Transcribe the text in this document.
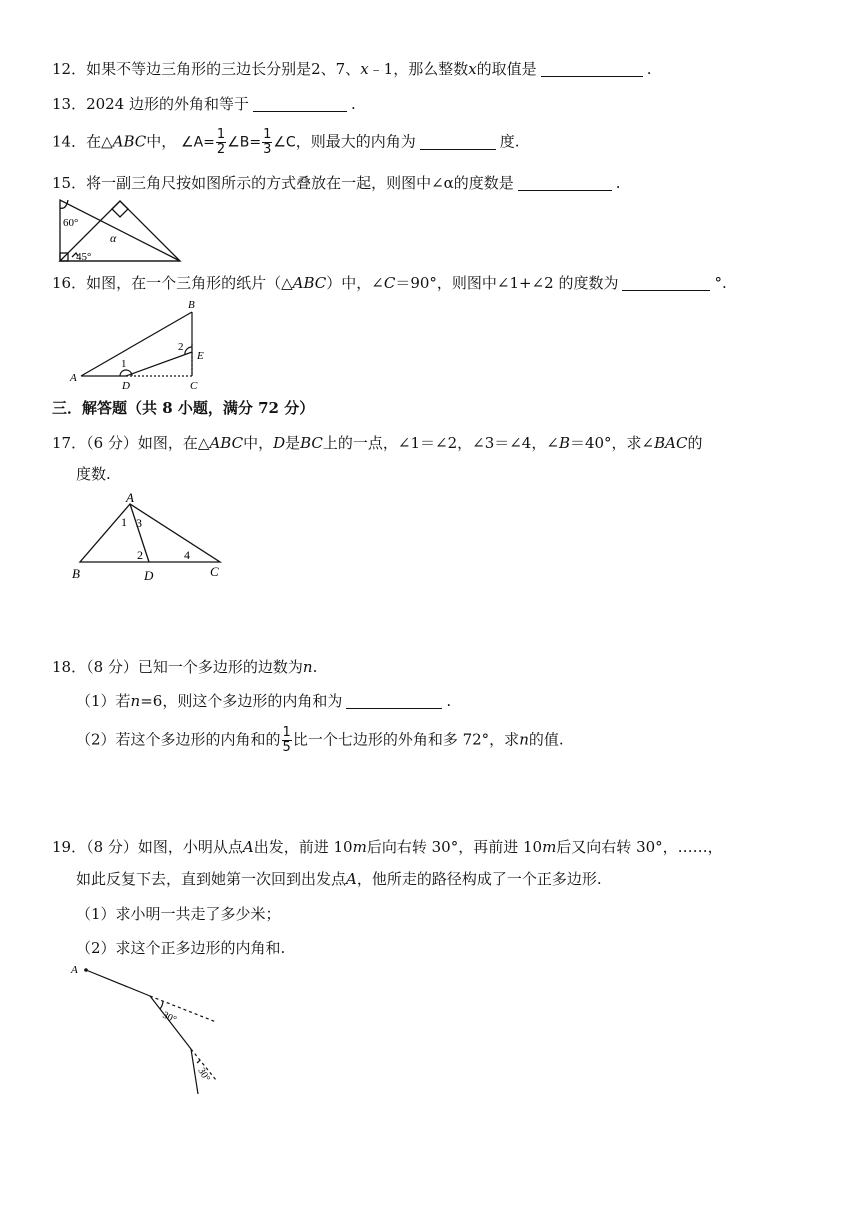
12．如果不等边三角形的三边长分别是2、7、x﹣1，那么整数x的取值是	.
13．2024 边形的外角和等于	.
14．在△ABC中， ∠A= $\frac{1}{2}$ ∠B= $\frac{1}{3}$ ∠C，则最大的内角为	度.
15．将一副三角尺按如图所示的方式叠放在一起，则图中∠α的度数是	.
60°
α
45°
16．如图，在一个三角形的纸片（△ABC）中，∠C＝90°，则图中∠1+∠2 的度数为	°.
A
B
C
D
E
1
2
三．解答题（共 8 小题，满分 72 分）
17．（6 分）如图，在△ABC中，D是BC上的一点，∠1＝∠2，∠3＝∠4，∠B＝40°，求∠BAC的
度数.
A
B	C
D
1 3
2	4
18．（8 分）已知一个多边形的边数为n.
（1）若n=6，则这个多边形的内角和为	.
（2）若这个多边形的内角和的 $\frac{1}{5}$ 比一个七边形的外角和多 72°，求n的值.
19．（8 分）如图，小明从点A出发，前进 10m后向右转 30°，再前进 10m后又向右转 30°，……，
如此反复下去，直到她第一次回到出发点A，他所走的路径构成了一个正多边形.
（1）求小明一共走了多少米；
（2）求这个正多边形的内角和.
A
30°
30°
